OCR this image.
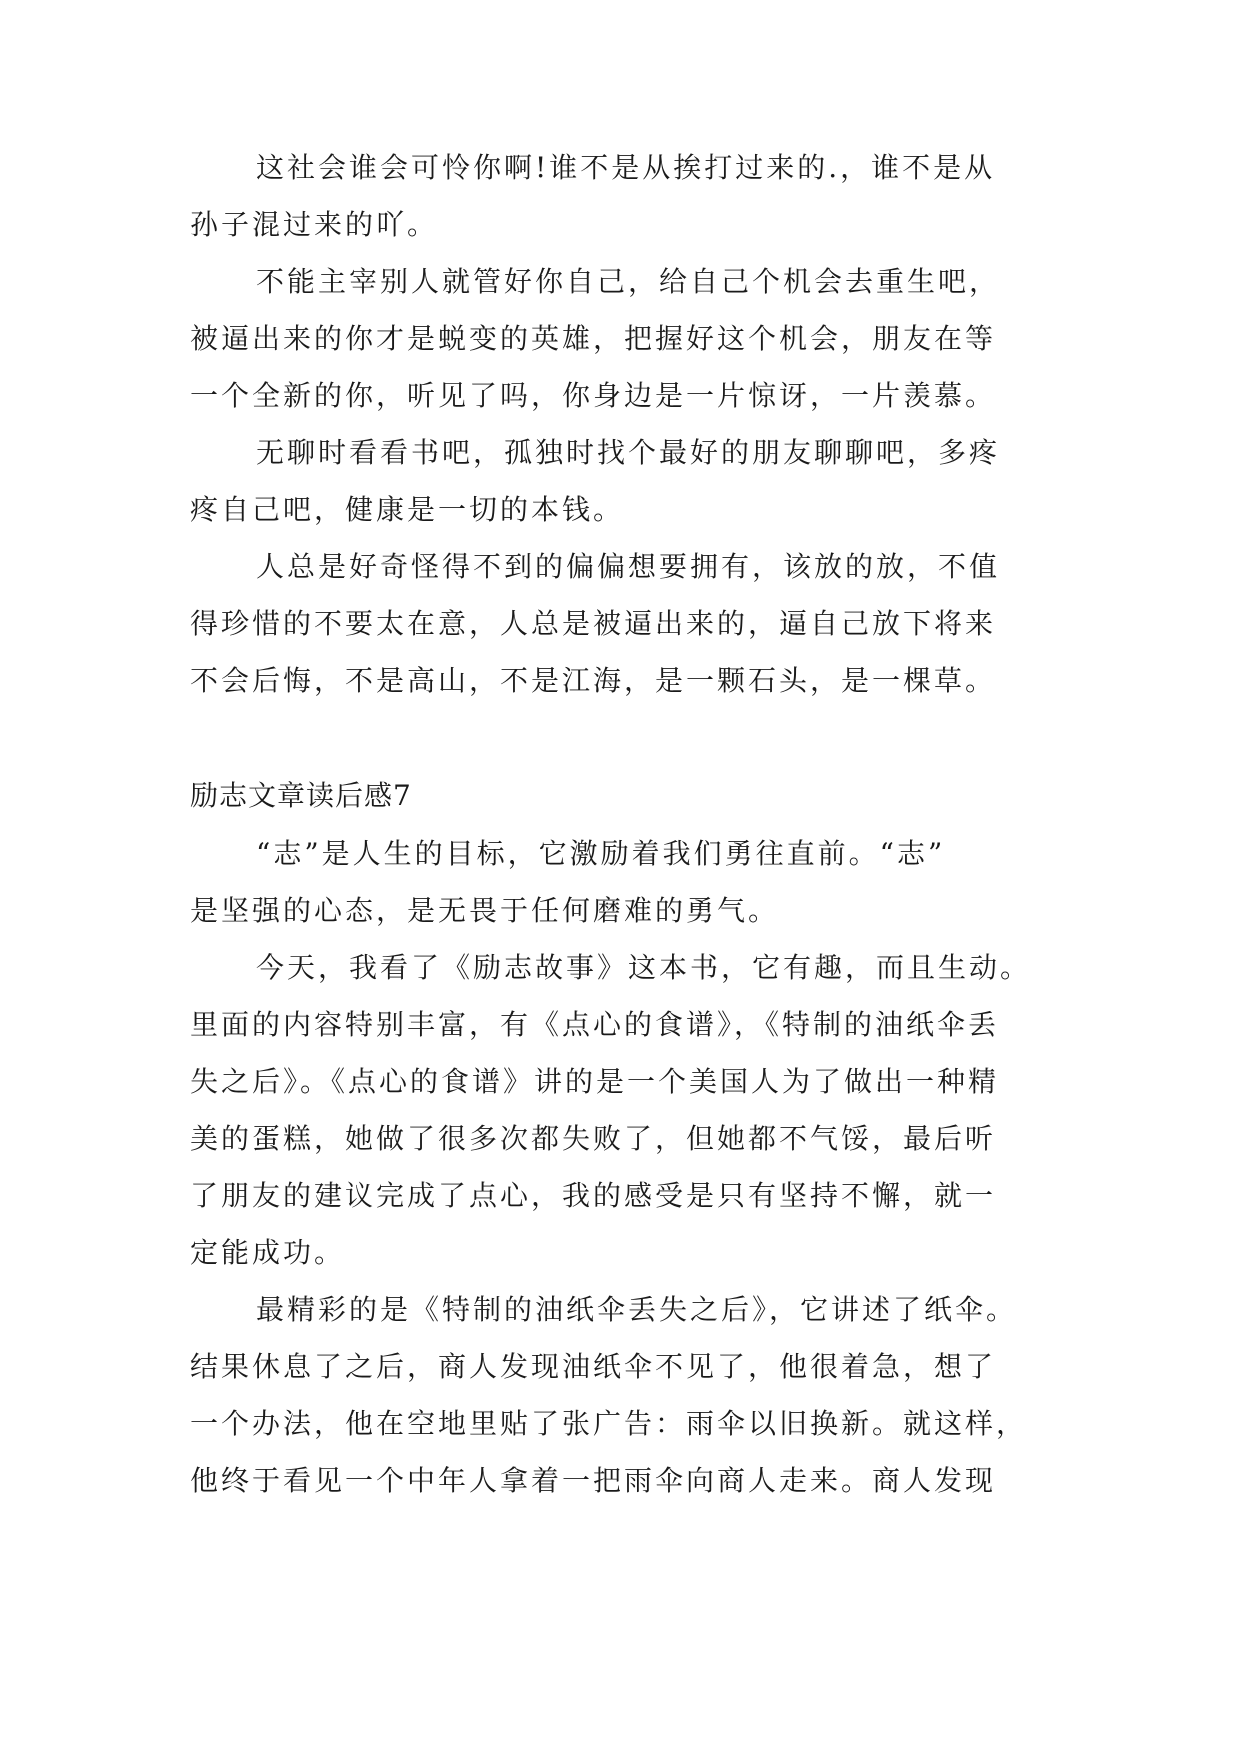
这社会谁会可怜你啊!谁不是从挨打过来的.，谁不是从
孙子混过来的吖。
不能主宰别人就管好你自己，给自己个机会去重生吧，
被逼出来的你才是蜕变的英雄，把握好这个机会，朋友在等
一个全新的你，听见了吗，你身边是一片惊讶，一片羡慕。
无聊时看看书吧，孤独时找个最好的朋友聊聊吧，多疼
疼自己吧，健康是一切的本钱。
人总是好奇怪得不到的偏偏想要拥有，该放的放，不值
得珍惜的不要太在意，人总是被逼出来的，逼自己放下将来
不会后悔，不是高山，不是江海，是一颗石头，是一棵草。
励志文章读后感7
“志”是人生的目标，它激励着我们勇往直前。“志”
是坚强的心态，是无畏于任何磨难的勇气。
今天，我看了《励志故事》这本书，它有趣，而且生动。
里面的内容特别丰富，有《点心的食谱》，《特制的油纸伞丢
失之后》。《点心的食谱》讲的是一个美国人为了做出一种精
美的蛋糕，她做了很多次都失败了，但她都不气馁，最后听
了朋友的建议完成了点心，我的感受是只有坚持不懈，就一
定能成功。
最精彩的是《特制的油纸伞丢失之后》，它讲述了纸伞。
结果休息了之后，商人发现油纸伞不见了，他很着急，想了
一个办法，他在空地里贴了张广告：雨伞以旧换新。就这样，
他终于看见一个中年人拿着一把雨伞向商人走来。商人发现
